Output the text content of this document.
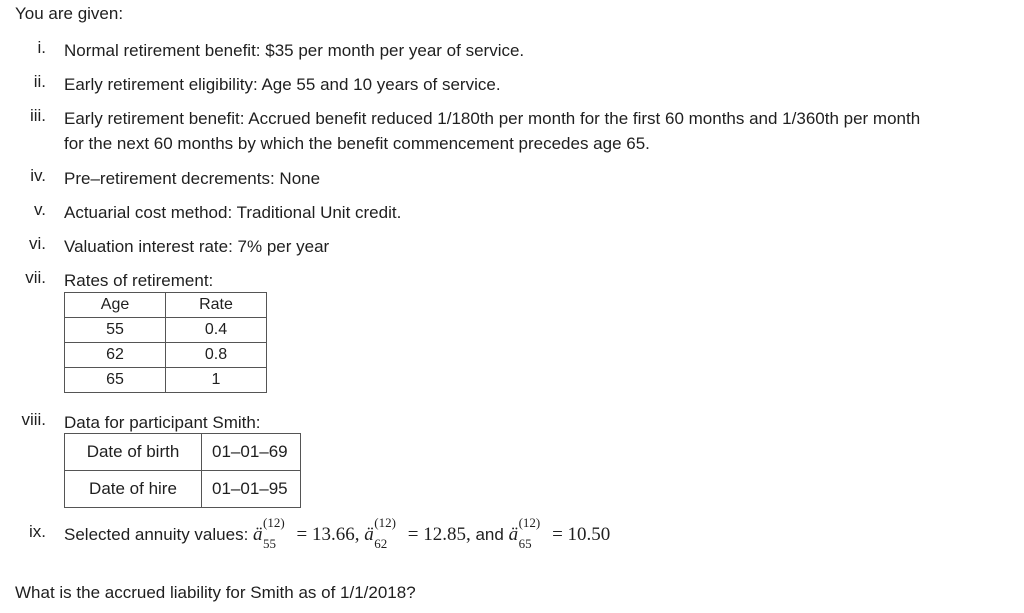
You are given:
i. Normal retirement benefit: $35 per month per year of service.
ii. Early retirement eligibility: Age 55 and 10 years of service.
iii. Early retirement benefit: Accrued benefit reduced 1/180th per month for the first 60 months and 1/360th per month
for the next 60 months by which the benefit commencement precedes age 65.
iv. Pre–retirement decrements: None
v. Actuarial cost method: Traditional Unit credit.
vi. Valuation interest rate: 7% per year
vii. Rates of retirement:
Age	Rate
55	0.4
62	0.8
65	1
viii. Data for participant Smith:
Date of birth	01–01–69
Date of hire	01–01–95
ix. Selected annuity values: ä
(12)
55 = 13.66, ä
(12)
62 = 12.85, and ä
(12)
65 = 10.50
What is the accrued liability for Smith as of 1/1/2018?
